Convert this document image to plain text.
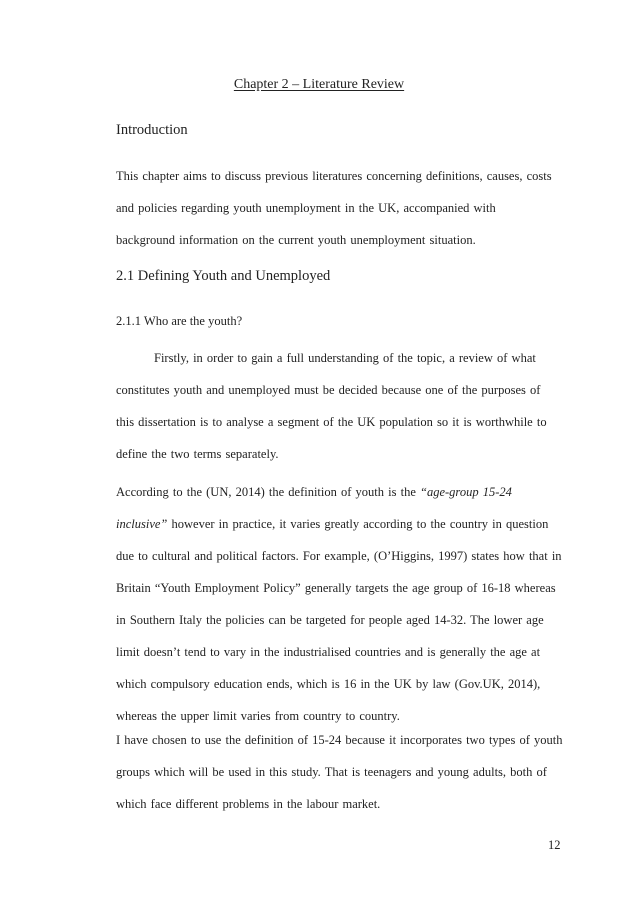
Chapter 2 – Literature Review
Introduction
This chapter aims to discuss previous literatures concerning definitions, causes, costs
and policies regarding youth unemployment in the UK, accompanied with
background information on the current youth unemployment situation.
2.1 Defining Youth and Unemployed
2.1.1 Who are the youth?
Firstly, in order to gain a full understanding of the topic, a review of what
constitutes youth and unemployed must be decided because one of the purposes of
this dissertation is to analyse a segment of the UK population so it is worthwhile to
define the two terms separately.
According to the (UN, 2014) the definition of youth is the “age-group 15-24
inclusive” however in practice, it varies greatly according to the country in question
due to cultural and political factors. For example, (O’Higgins, 1997) states how that in
Britain “Youth Employment Policy” generally targets the age group of 16-18 whereas
in Southern Italy the policies can be targeted for people aged 14-32. The lower age
limit doesn’t tend to vary in the industrialised countries and is generally the age at
which compulsory education ends, which is 16 in the UK by law (Gov.UK, 2014),
whereas the upper limit varies from country to country.
I have chosen to use the definition of 15-24 because it incorporates two types of youth
groups which will be used in this study. That is teenagers and young adults, both of
which face different problems in the labour market.
12
